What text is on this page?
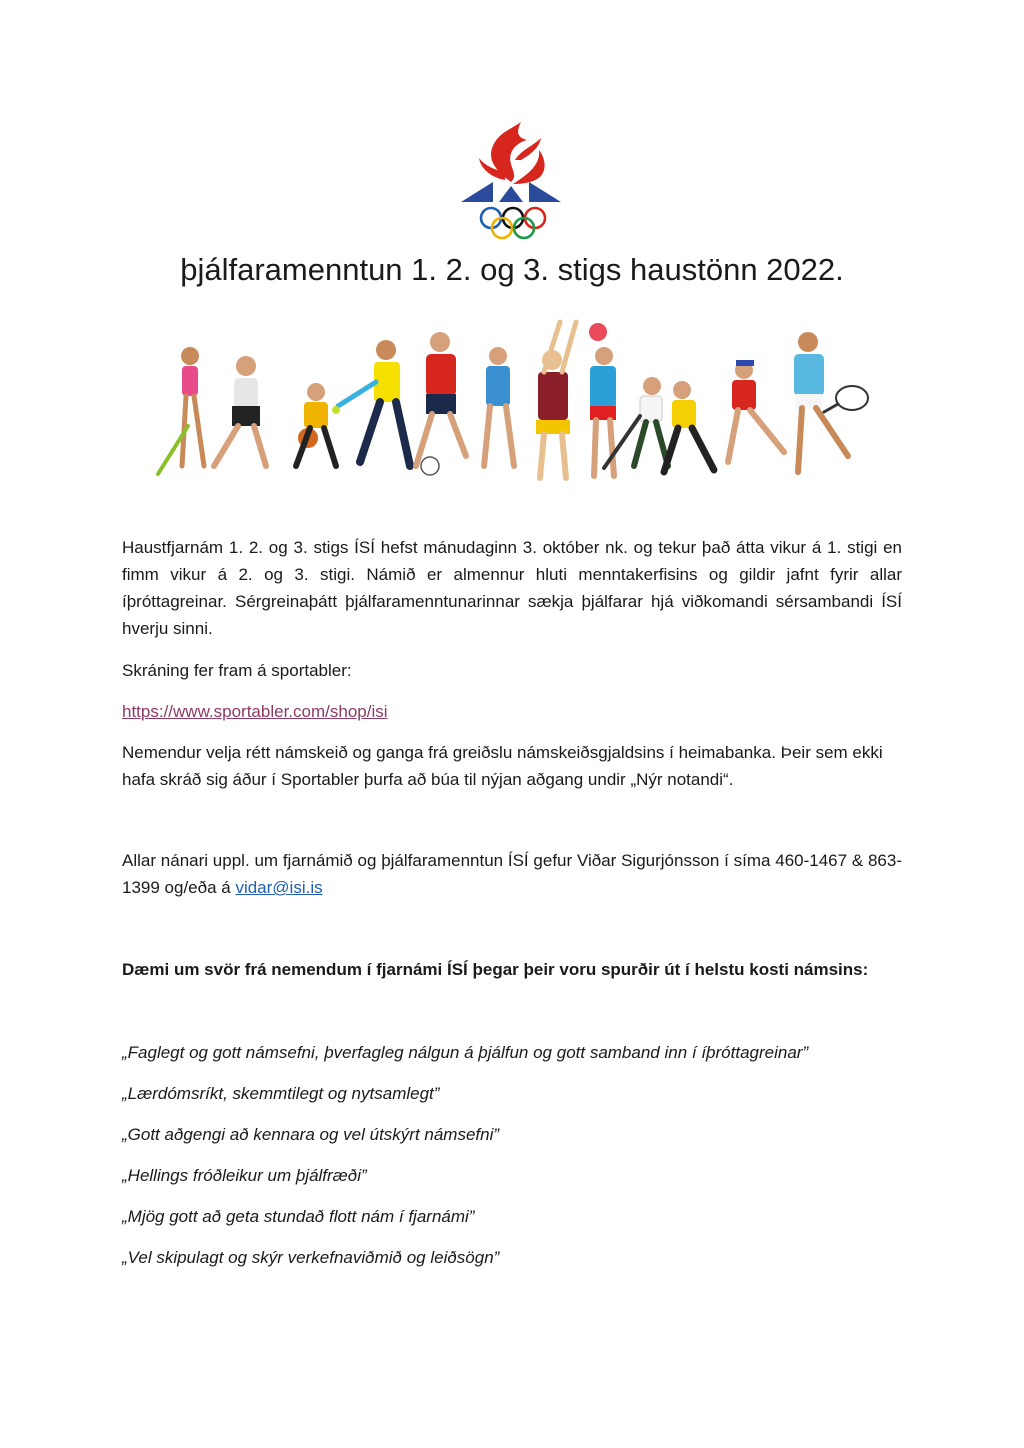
þjálfaramenntun 1. 2. og 3. stigs haustönn 2022.

Haustfjarnám 1. 2. og 3. stigs ÍSÍ hefst mánudaginn 3. október nk. og tekur það átta vikur á 1. stigi en fimm vikur á 2. og 3. stigi. Námið er almennur hluti menntakerfisins og gildir jafnt fyrir allar íþróttagreinar. Sérgreinaþátt þjálfaramenntunarinnar sækja þjálfarar hjá viðkomandi sérsambandi ÍSÍ hverju sinni.

Skráning fer fram á sportabler:

https://www.sportabler.com/shop/isi

Nemendur velja rétt námskeið og ganga frá greiðslu námskeiðsgjaldsins í heimabanka. Þeir sem ekki hafa skráð sig áður í Sportabler þurfa að búa til nýjan aðgang undir „Nýr notandi“.

Allar nánari uppl. um fjarnámið og þjálfaramenntun ÍSÍ gefur Viðar Sigurjónsson í síma 460-1467 & 863-1399 og/eða á vidar@isi.is

Dæmi um svör frá nemendum í fjarnámi ÍSÍ þegar þeir voru spurðir út í helstu kosti námsins:

„Faglegt og gott námsefni, þverfagleg nálgun á þjálfun og gott samband inn í íþróttagreinar”

„Lærdómsríkt, skemmtilegt og nytsamlegt”

„Gott aðgengi að kennara og vel útskýrt námsefni”

„Hellings fróðleikur um þjálfræði”

„Mjög gott að geta stundað flott nám í fjarnámi”

„Vel skipulagt og skýr verkefnaviðmið og leiðsögn”
